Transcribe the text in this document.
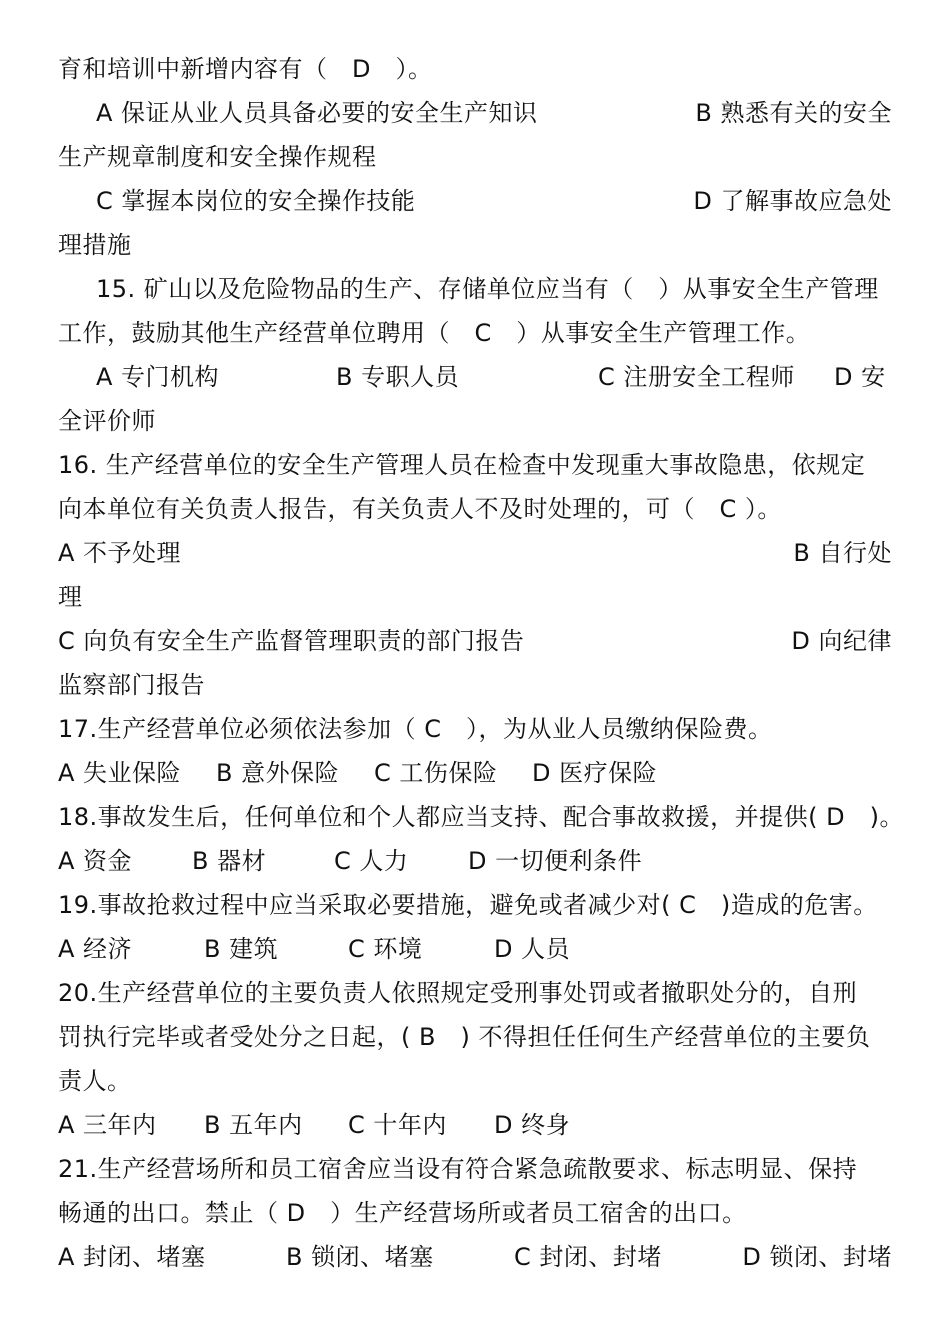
育和培训中新增内容有（　D　）。
A 保证从业人员具备必要的安全生产知识	B 熟悉有关的安全
生产规章制度和安全操作规程
C 掌握本岗位的安全操作技能	D 了解事故应急处
理措施
15. 矿山以及危险物品的生产、存储单位应当有（　）从事安全生产管理
工作，鼓励其他生产经营单位聘用（　C　）从事安全生产管理工作。
A 专门机构	B 专职人员	C 注册安全工程师 D 安
全评价师
16. 生产经营单位的安全生产管理人员在检查中发现重大事故隐患，依规定
向本单位有关负责人报告，有关负责人不及时处理的，可（　C ）。
A 不予处理	B 自行处
理
C 向负有安全生产监督管理职责的部门报告	D 向纪律
监察部门报告
17.生产经营单位必须依法参加（ C　），为从业人员缴纳保险费。
A 失业保险 B 意外保险 C 工伤保险 D 医疗保险
18.事故发生后，任何单位和个人都应当支持、配合事故救援，并提供( D　)。
A 资金 B 器材	C 人力 D 一切便利条件
19.事故抢救过程中应当采取必要措施，避免或者减少对( C　)造成的危害。
A 经济	B 建筑	C 环境	D 人员
20.生产经营单位的主要负责人依照规定受刑事处罚或者撤职处分的，自刑
罚执行完毕或者受处分之日起，( B　) 不得担任任何生产经营单位的主要负
责人。
A 三年内 B 五年内 C 十年内 D 终身
21.生产经营场所和员工宿舍应当设有符合紧急疏散要求、标志明显、保持
畅通的出口。禁止（ D　）生产经营场所或者员工宿舍的出口。
A 封闭、堵塞	B 锁闭、堵塞	C 封闭、封堵	D 锁闭、封堵
